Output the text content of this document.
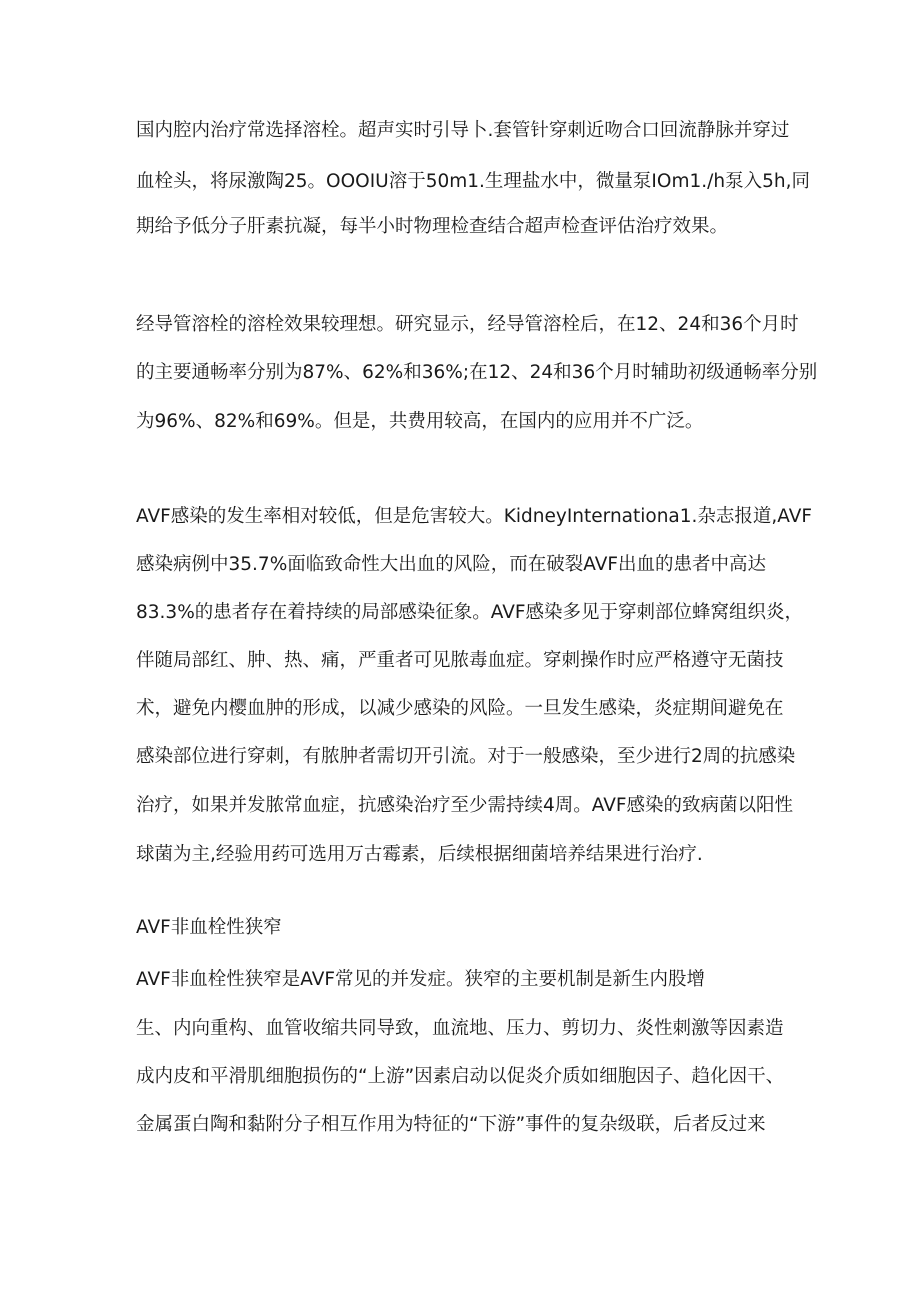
国内腔内治疗常选择溶栓。超声实时引导卜.套管针穿刺近吻合口回流静脉并穿过

血栓头，将尿激陶25。OOOIU溶于50m1.生理盐水中，微量泵IOm1./h泵入5h,同

期给予低分子肝素抗凝，每半小时物理检查结合超声检查评估治疗效果。

经导管溶栓的溶栓效果较理想。研究显示，经导管溶栓后，在12、24和36个月时

的主要通畅率分别为87%、62%和36%;在12、24和36个月时辅助初级通畅率分别

为96%、82%和69%。但是，共费用较高，在国内的应用并不广泛。

AVF感染的发生率相对较低，但是危害较大。KidneyInternationa1.杂志报道,AVF

感染病例中35.7%面临致命性大出血的风险，而在破裂AVF出血的患者中高达

83.3%的患者存在着持续的局部感染征象。AVF感染多见于穿刺部位蜂窝组织炎，

伴随局部红、肿、热、痛，严重者可见脓毒血症。穿刺操作时应严格遵守无菌技

术，避免内樱血肿的形成，以减少感染的风险。一旦发生感染，炎症期间避免在

感染部位进行穿刺，有脓肿者需切开引流。对于一般感染，至少进行2周的抗感染

治疗，如果并发脓常血症，抗感染治疗至少需持续4周。AVF感染的致病菌以阳性

球菌为主,经验用药可选用万古霉素，后续根据细菌培养结果进行治疗.

AVF非血栓性狭窄

AVF非血栓性狭窄是AVF常见的并发症。狭窄的主要机制是新生内股增

生、内向重构、血管收缩共同导致，血流地、压力、剪切力、炎性刺激等因素造

成内皮和平滑肌细胞损伤的“上游”因素启动以促炎介质如细胞因子、趋化因干、

金属蛋白陶和黏附分子相互作用为特征的“下游”事件的复杂级联，后者反过来
